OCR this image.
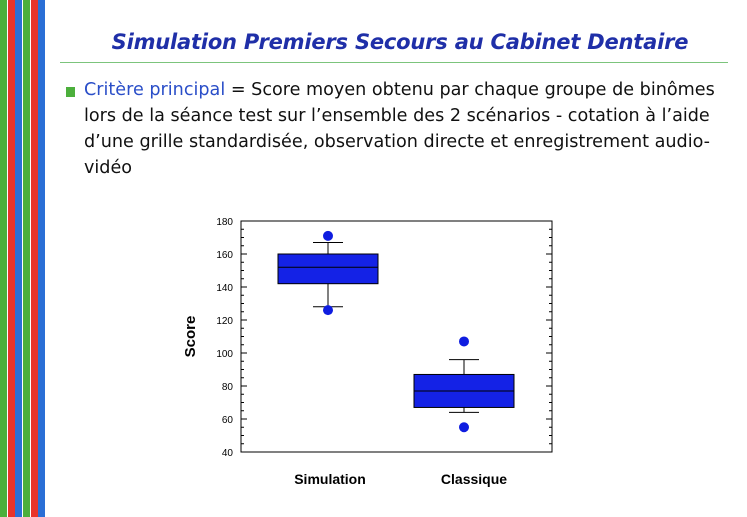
Simulation Premiers Secours au Cabinet Dentaire
Critère principal = Score moyen obtenu par chaque groupe de binômes lors de la séance test sur l’ensemble des 2 scénarios - cotation à l’aide d’une grille standardisée, observation directe et enregistrement audio-vidéo
40
60
80
100
120
140
160
180
Score
Simulation	Classique
